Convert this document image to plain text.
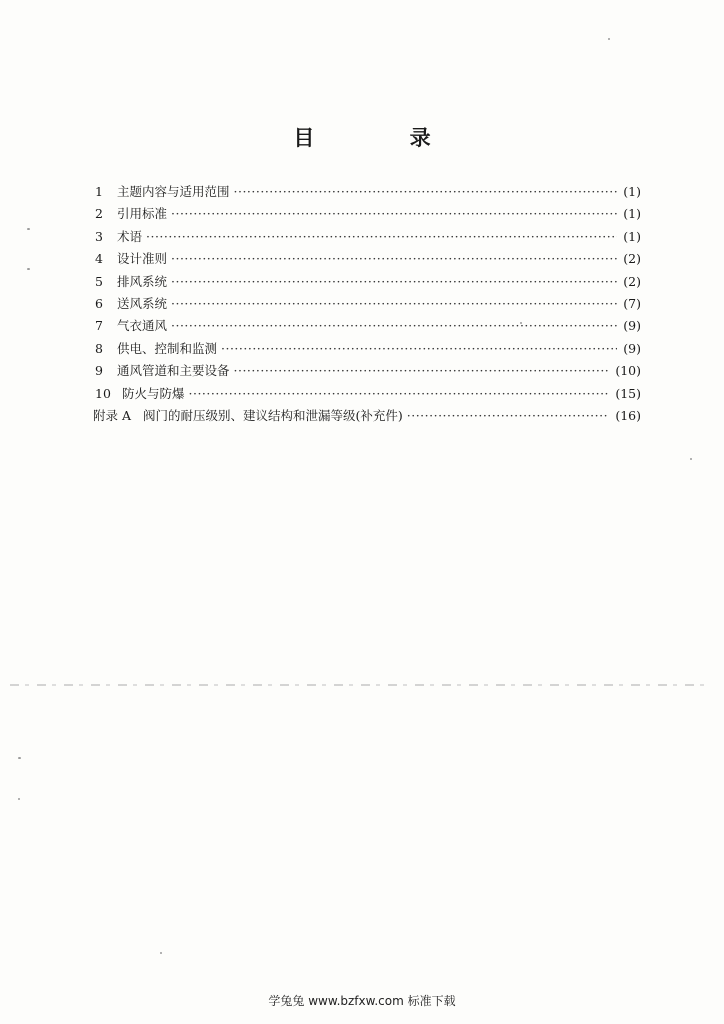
目 录
1	主题内容与适用范围 ·····	(1)
2	引用标准 ·····	(1)
3	术语 ·····	(1)
4	设计准则 ·····	(2)
5	排风系统 ·····	(2)
6	送风系统 ·····	(7)
7	气衣通风 ·····	(9)
8	供电、控制和监测 ·····	(9)
9	通风管道和主要设备 ·····	(10)
10 防火与防爆 ·····	(15)
附录 A 阀门的耐压级别、建议结构和泄漏等级(补充件) ·····	(16)
学兔兔 www.bzfxw.com 标准下载
